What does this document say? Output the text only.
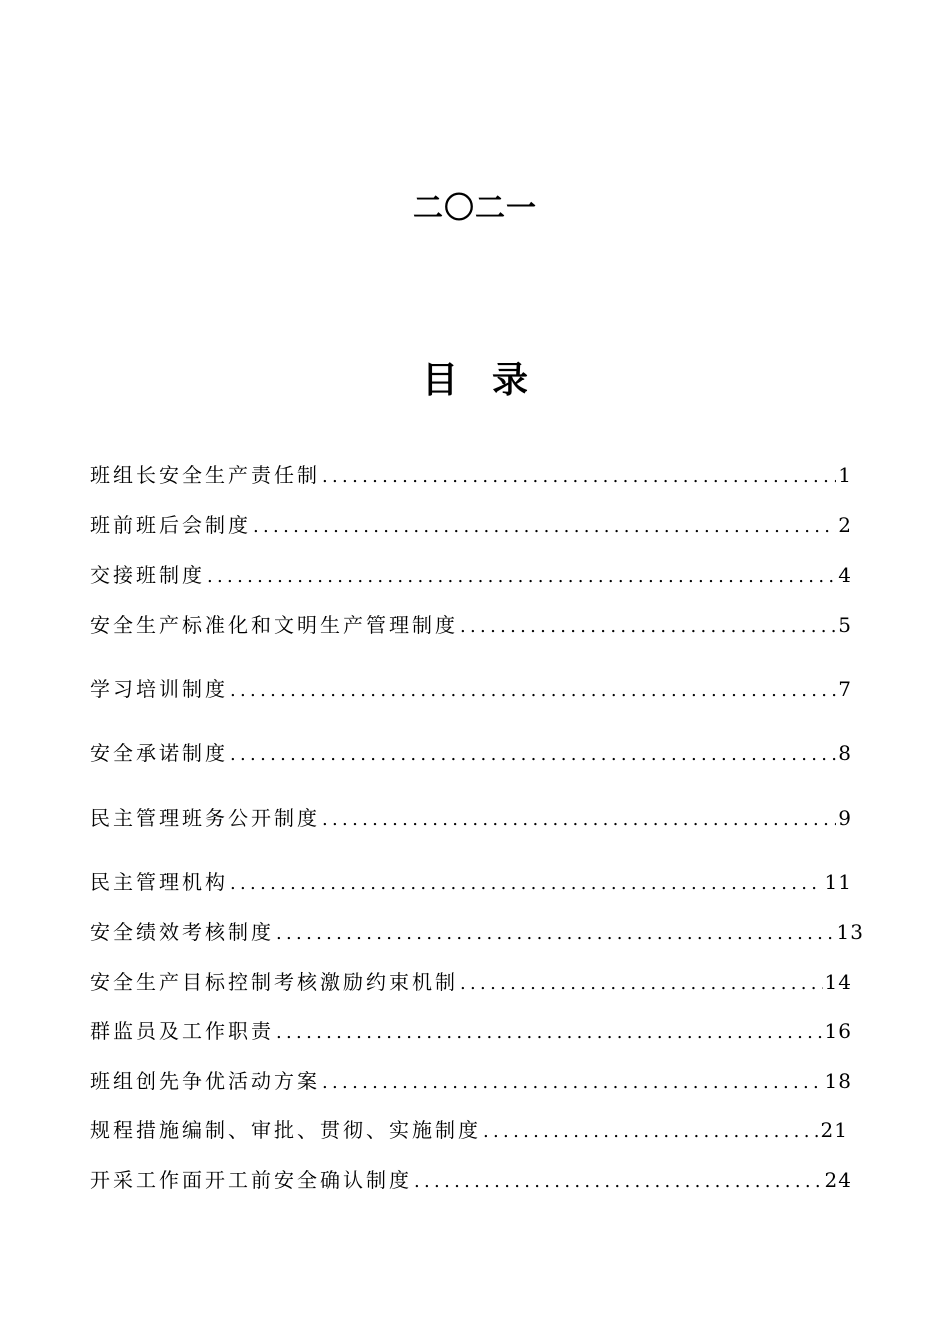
二〇二一
目录
班组长安全生产责任制 .....	1
班前班后会制度 .....	2
交接班制度 .....	4
安全生产标准化和文明生产管理制度 .....	5
学习培训制度 .....	7
安全承诺制度 .....	8
民主管理班务公开制度 .....	9
民主管理机构 .....	11
安全绩效考核制度 .....	13
安全生产目标控制考核激励约束机制 .....	14
群监员及工作职责 .....	16
班组创先争优活动方案 .....	18
规程措施编制、审批、贯彻、实施制度 .....	21
开采工作面开工前安全确认制度 .....	24
